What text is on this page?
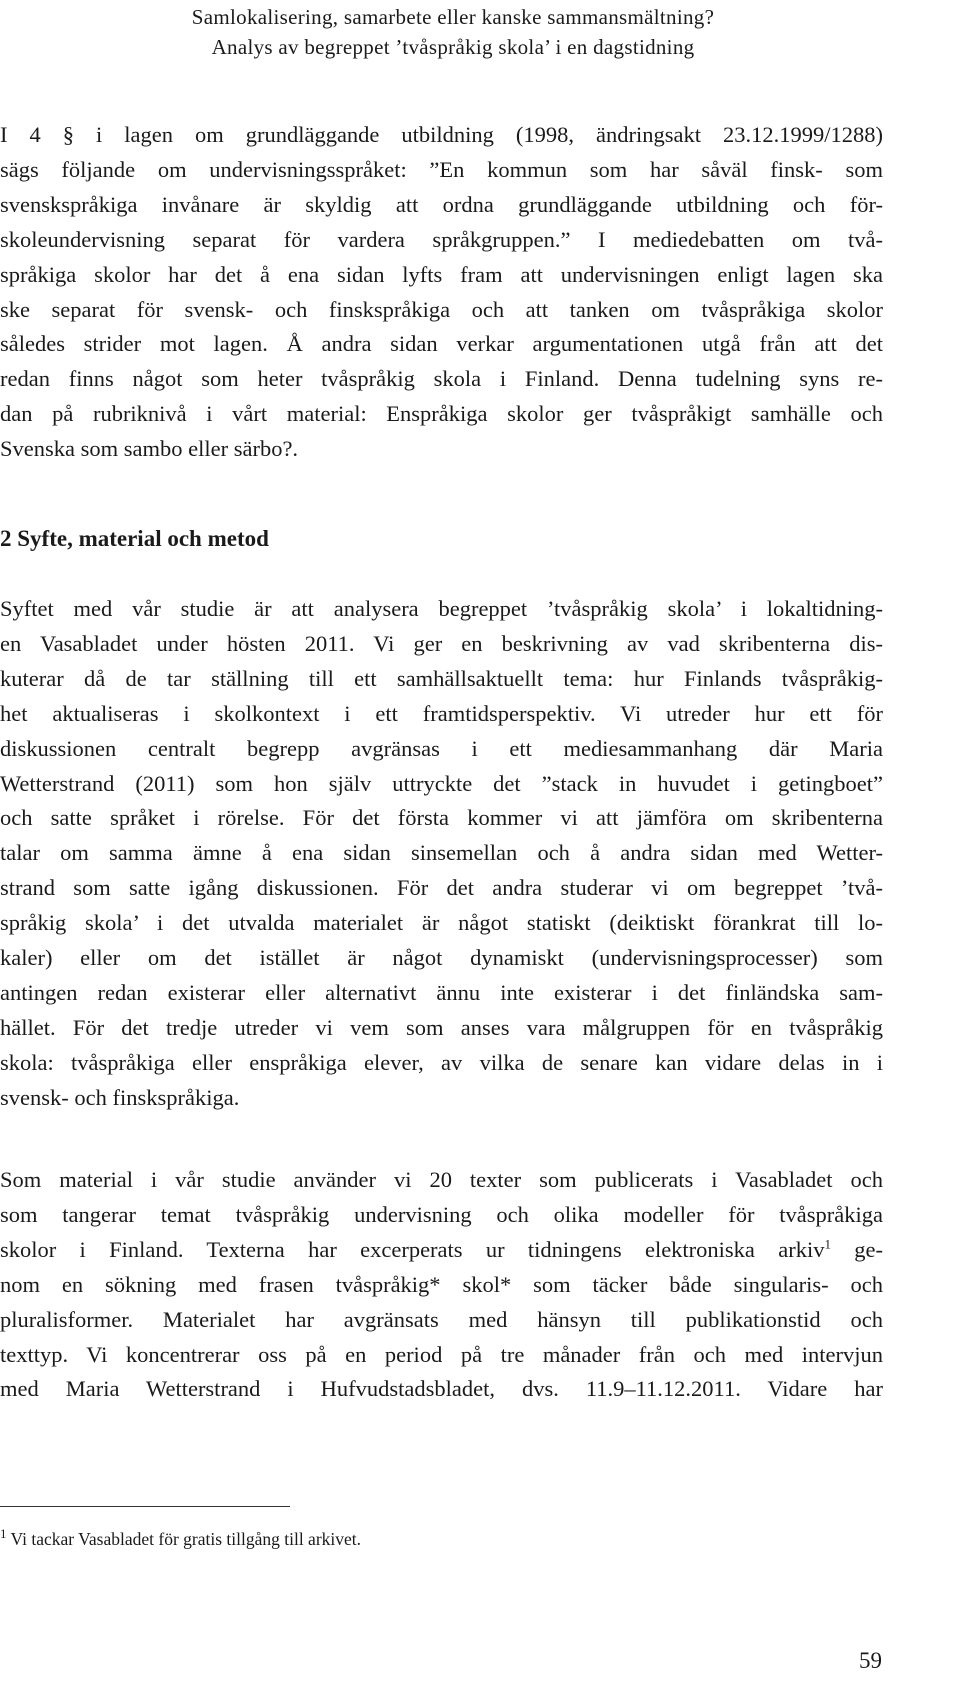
Samlokalisering, samarbete eller kanske sammansmältning?
Analys av begreppet ’tvåspråkig skola’ i en dagstidning
I 4 § i lagen om grundläggande utbildning (1998, ändringsakt 23.12.1999/1288)
sägs följande om undervisningsspråket: ”En kommun som har såväl finsk- som
svenskspråkiga invånare är skyldig att ordna grundläggande utbildning och för-
skoleundervisning separat för vardera språkgruppen.” I mediedebatten om två-
språkiga skolor har det å ena sidan lyfts fram att undervisningen enligt lagen ska
ske separat för svensk- och finskspråkiga och att tanken om tvåspråkiga skolor
således strider mot lagen. Å andra sidan verkar argumentationen utgå från att det
redan finns något som heter tvåspråkig skola i Finland. Denna tudelning syns re-
dan på rubriknivå i vårt material: Enspråkiga skolor ger tvåspråkigt samhälle och
Svenska som sambo eller särbo?.
2 Syfte, material och metod
Syftet med vår studie är att analysera begreppet ’tvåspråkig skola’ i lokaltidning-
en Vasabladet under hösten 2011. Vi ger en beskrivning av vad skribenterna dis-
kuterar då de tar ställning till ett samhällsaktuellt tema: hur Finlands tvåspråkig-
het aktualiseras i skolkontext i ett framtidsperspektiv. Vi utreder hur ett för
diskussionen centralt begrepp avgränsas i ett mediesammanhang där Maria
Wetterstrand (2011) som hon själv uttryckte det ”stack in huvudet i getingboet”
och satte språket i rörelse. För det första kommer vi att jämföra om skribenterna
talar om samma ämne å ena sidan sinsemellan och å andra sidan med Wetter-
strand som satte igång diskussionen. För det andra studerar vi om begreppet ’två-
språkig skola’ i det utvalda materialet är något statiskt (deiktiskt förankrat till lo-
kaler) eller om det istället är något dynamiskt (undervisningsprocesser) som
antingen redan existerar eller alternativt ännu inte existerar i det finländska sam-
hället. För det tredje utreder vi vem som anses vara målgruppen för en tvåspråkig
skola: tvåspråkiga eller enspråkiga elever, av vilka de senare kan vidare delas in i
svensk- och finskspråkiga.
Som material i vår studie använder vi 20 texter som publicerats i Vasabladet och
som tangerar temat tvåspråkig undervisning och olika modeller för tvåspråkiga
skolor i Finland. Texterna har excerperats ur tidningens elektroniska arkiv$^1$ ge-
nom en sökning med frasen tvåspråkig* skol* som täcker både singularis- och
pluralisformer. Materialet har avgränsats med hänsyn till publikationstid och
texttyp. Vi koncentrerar oss på en period på tre månader från och med intervjun
med Maria Wetterstrand i Hufvudstadsbladet, dvs. 11.9–11.12.2011. Vidare har
$^1$ Vi tackar Vasabladet för gratis tillgång till arkivet.
59
